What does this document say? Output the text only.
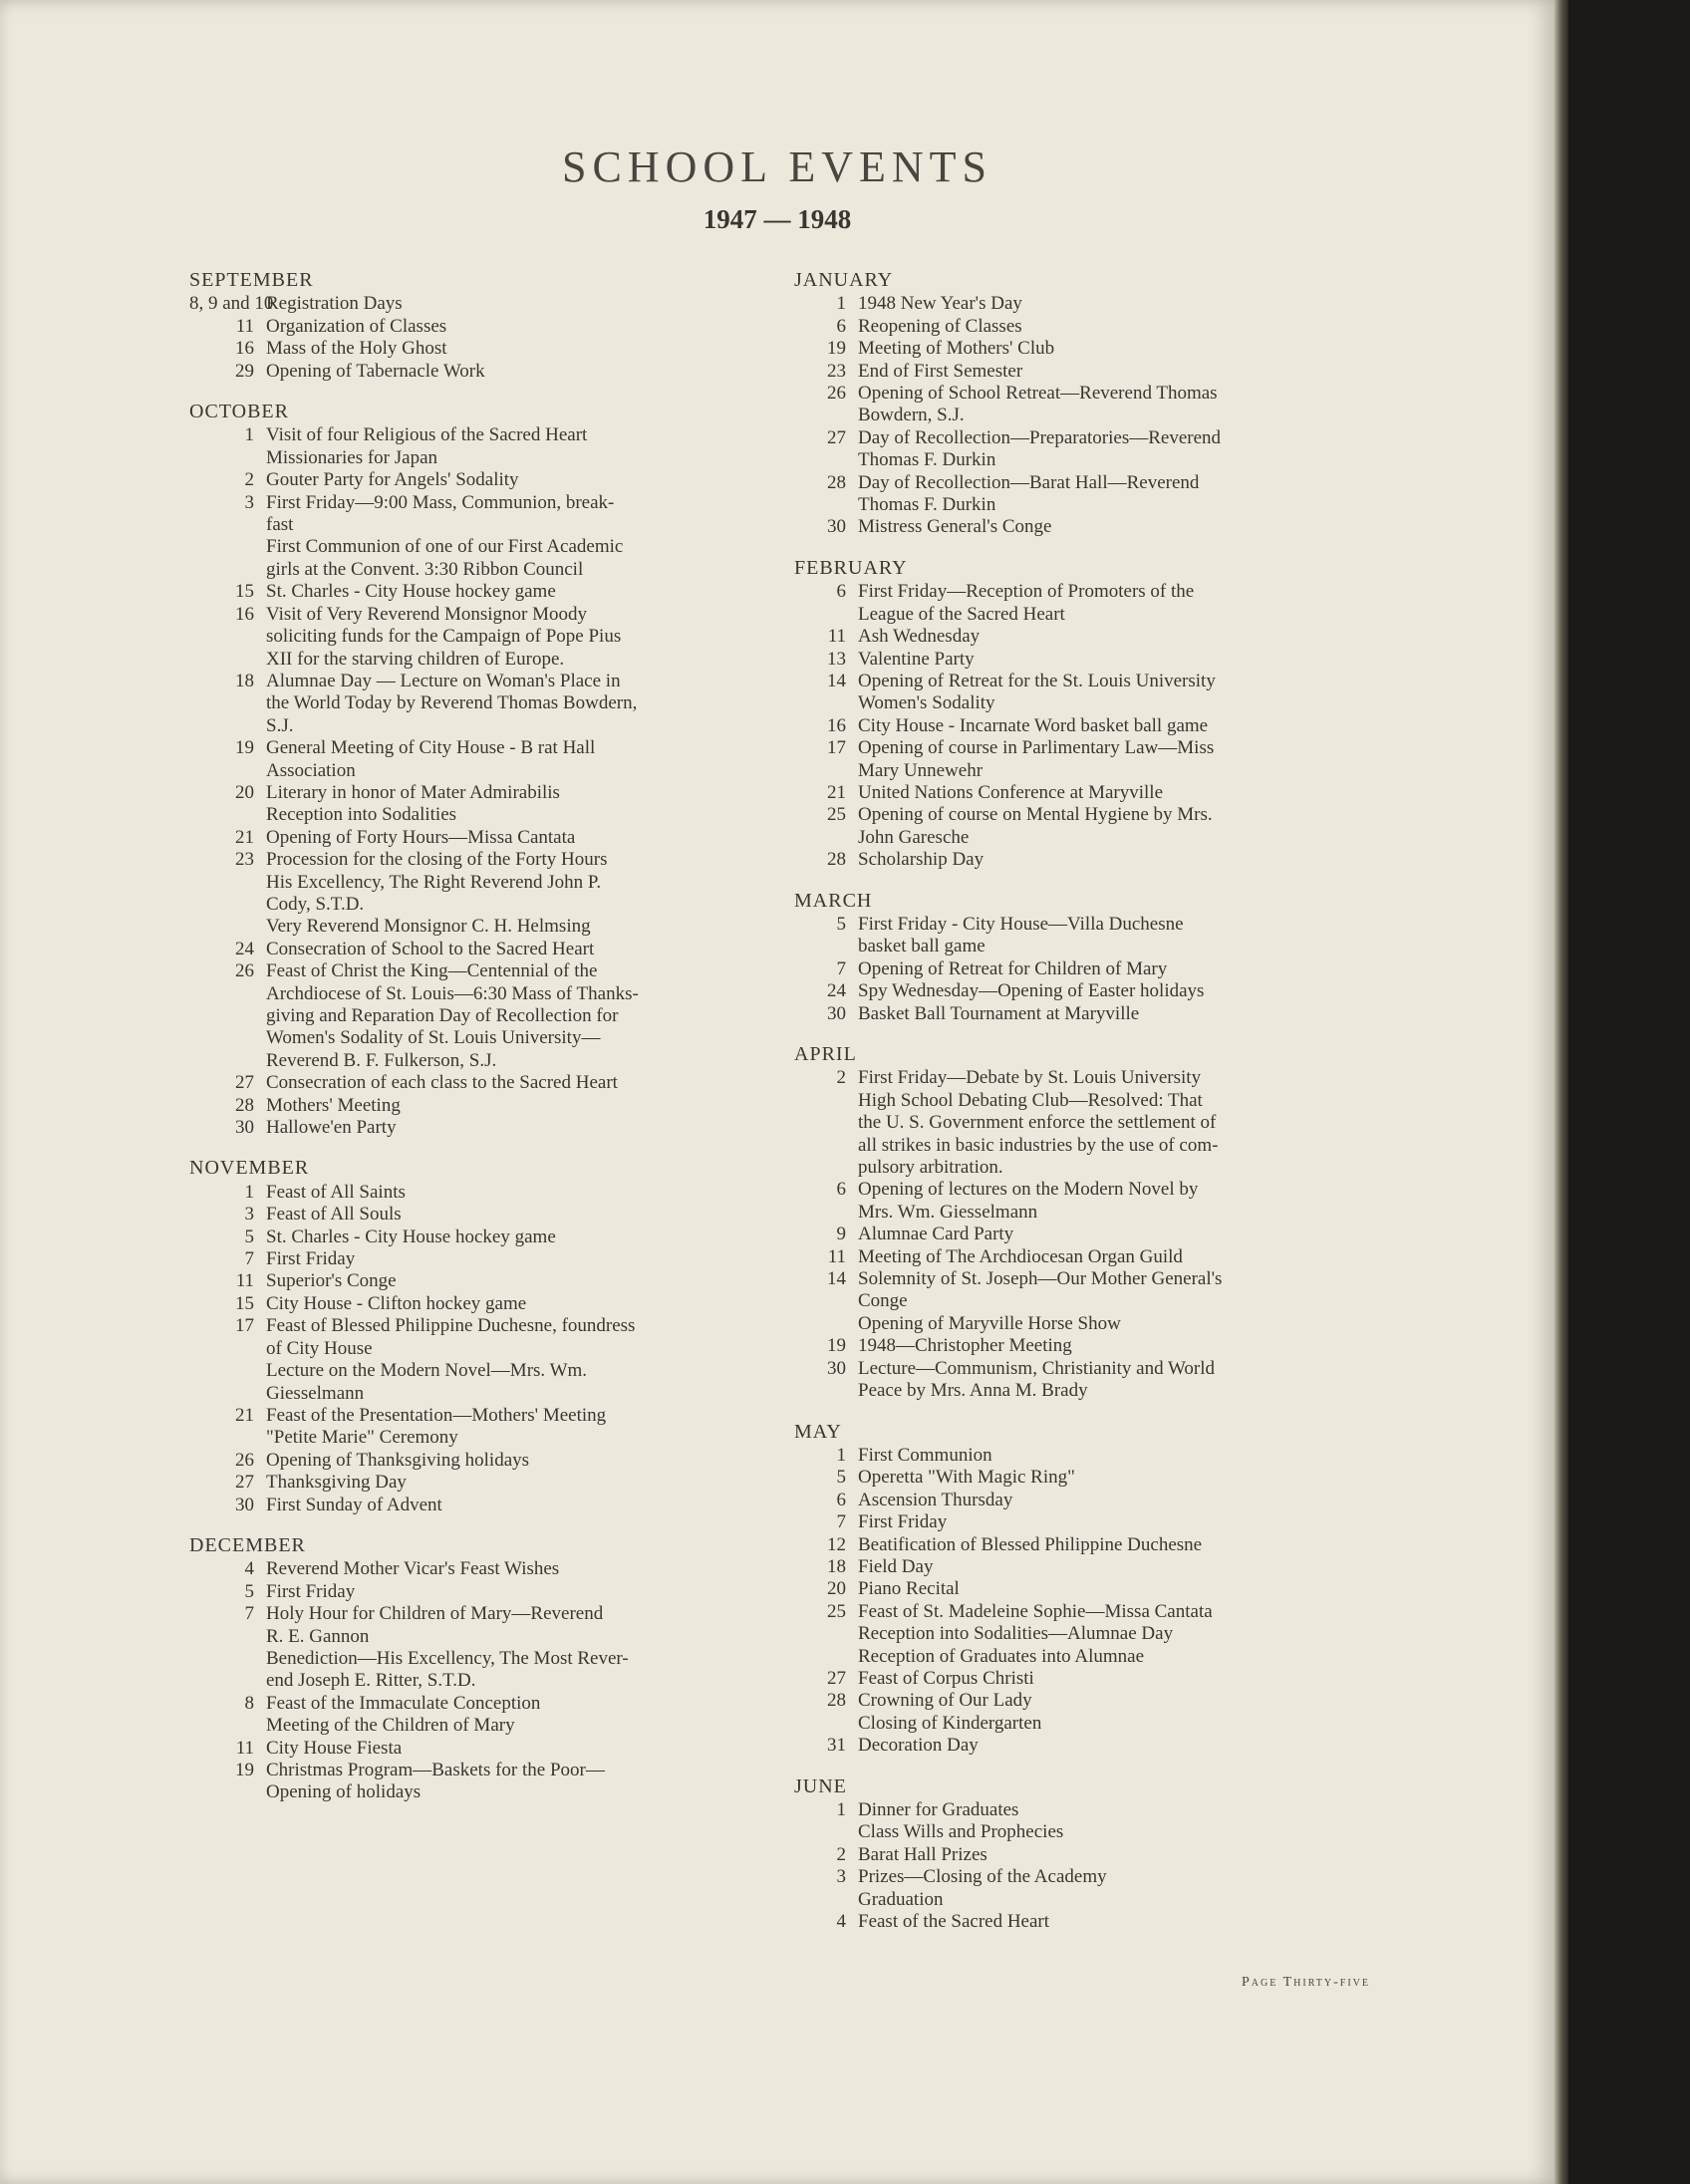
SCHOOL EVENTS
1947 — 1948
SEPTEMBER
8, 9 and 10
Registration Days
11 Organization of Classes
16 Mass of the Holy Ghost
29 Opening of Tabernacle Work
OCTOBER
1 Visit of four Religious of the Sacred Heart
Missionaries for Japan
2 Gouter Party for Angels' Sodality
3 First Friday—9:00 Mass, Communion, break-
fast
First Communion of one of our First Academic
girls at the Convent. 3:30 Ribbon Council
15 St. Charles - City House hockey game
16 Visit of Very Reverend Monsignor Moody
soliciting funds for the Campaign of Pope Pius
XII for the starving children of Europe.
18 Alumnae Day — Lecture on Woman's Place in
the World Today by Reverend Thomas Bowdern,
S.J.
19 General Meeting of City House - B rat Hall
Association
20 Literary in honor of Mater Admirabilis
Reception into Sodalities
21 Opening of Forty Hours—Missa Cantata
23 Procession for the closing of the Forty Hours
His Excellency, The Right Reverend John P.
Cody, S.T.D.
Very Reverend Monsignor C. H. Helmsing
24 Consecration of School to the Sacred Heart
26 Feast of Christ the King—Centennial of the
Archdiocese of St. Louis—6:30 Mass of Thanks-
giving and Reparation Day of Recollection for
Women's Sodality of St. Louis University—
Reverend B. F. Fulkerson, S.J.
27 Consecration of each class to the Sacred Heart
28 Mothers' Meeting
30 Hallowe'en Party
NOVEMBER
1 Feast of All Saints
3 Feast of All Souls
5 St. Charles - City House hockey game
7 First Friday
11 Superior's Conge
15 City House - Clifton hockey game
17 Feast of Blessed Philippine Duchesne, foundress
of City House
Lecture on the Modern Novel—Mrs. Wm.
Giesselmann
21 Feast of the Presentation—Mothers' Meeting
"Petite Marie" Ceremony
26 Opening of Thanksgiving holidays
27 Thanksgiving Day
30 First Sunday of Advent
DECEMBER
4 Reverend Mother Vicar's Feast Wishes
5 First Friday
7 Holy Hour for Children of Mary—Reverend
R. E. Gannon
Benediction—His Excellency, The Most Rever-
end Joseph E. Ritter, S.T.D.
8 Feast of the Immaculate Conception
Meeting of the Children of Mary
11 City House Fiesta
19 Christmas Program—Baskets for the Poor—
Opening of holidays
JANUARY
1 1948 New Year's Day
6 Reopening of Classes
19 Meeting of Mothers' Club
23 End of First Semester
26 Opening of School Retreat—Reverend Thomas
Bowdern, S.J.
27 Day of Recollection—Preparatories—Reverend
Thomas F. Durkin
28 Day of Recollection—Barat Hall—Reverend
Thomas F. Durkin
30 Mistress General's Conge
FEBRUARY
6 First Friday—Reception of Promoters of the
League of the Sacred Heart
11 Ash Wednesday
13 Valentine Party
14 Opening of Retreat for the St. Louis University
Women's Sodality
16 City House - Incarnate Word basket ball game
17 Opening of course in Parlimentary Law—Miss
Mary Unnewehr
21 United Nations Conference at Maryville
25 Opening of course on Mental Hygiene by Mrs.
John Garesche
28 Scholarship Day
MARCH
5 First Friday - City House—Villa Duchesne
basket ball game
7 Opening of Retreat for Children of Mary
24 Spy Wednesday—Opening of Easter holidays
30 Basket Ball Tournament at Maryville
APRIL
2 First Friday—Debate by St. Louis University
High School Debating Club—Resolved: That
the U. S. Government enforce the settlement of
all strikes in basic industries by the use of com-
pulsory arbitration.
6 Opening of lectures on the Modern Novel by
Mrs. Wm. Giesselmann
9 Alumnae Card Party
11 Meeting of The Archdiocesan Organ Guild
14 Solemnity of St. Joseph—Our Mother General's
Conge
Opening of Maryville Horse Show
19 1948—Christopher Meeting
30 Lecture—Communism, Christianity and World
Peace by Mrs. Anna M. Brady
MAY
1 First Communion
5 Operetta "With Magic Ring"
6 Ascension Thursday
7 First Friday
12 Beatification of Blessed Philippine Duchesne
18 Field Day
20 Piano Recital
25 Feast of St. Madeleine Sophie—Missa Cantata
Reception into Sodalities—Alumnae Day
Reception of Graduates into Alumnae
27 Feast of Corpus Christi
28 Crowning of Our Lady
Closing of Kindergarten
31 Decoration Day
JUNE
1 Dinner for Graduates
Class Wills and Prophecies
2 Barat Hall Prizes
3 Prizes—Closing of the Academy
Graduation
4 Feast of the Sacred Heart
Page Thirty-five
